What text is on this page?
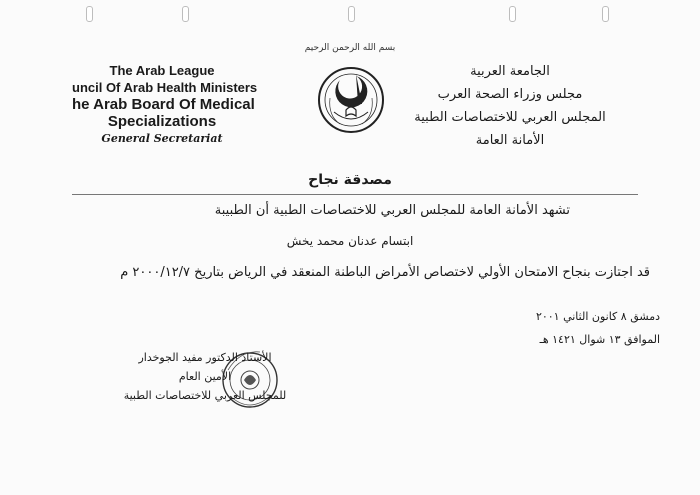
بسم الله الرحمن الرحيم
The Arab League
uncil Of Arab Health Ministers
he Arab Board Of Medical
Specializations
General Secretariat
الجامعة العربية
مجلس وزراء الصحة العرب
المجلس العربي للاختصاصات الطبية
الأمانة العامة
مصدقة نجاح
تشهد الأمانة العامة للمجلس العربي للاختصاصات الطبية أن الطبيبة
ابتسام عدنان محمد يخش
قد اجتازت بنجاح الامتحان الأولي لاختصاص الأمراض الباطنة المنعقد في الرياض بتاريخ ٢٠٠٠/١٢/٧ م
دمشق ٨ كانون الثاني ٢٠٠١
الموافق ١٣ شوال ١٤٢١ هـ
الأستاذ الدكتور مفيد الجوخدار
الأمين العام
للمجلس العربي للاختصاصات الطبية
